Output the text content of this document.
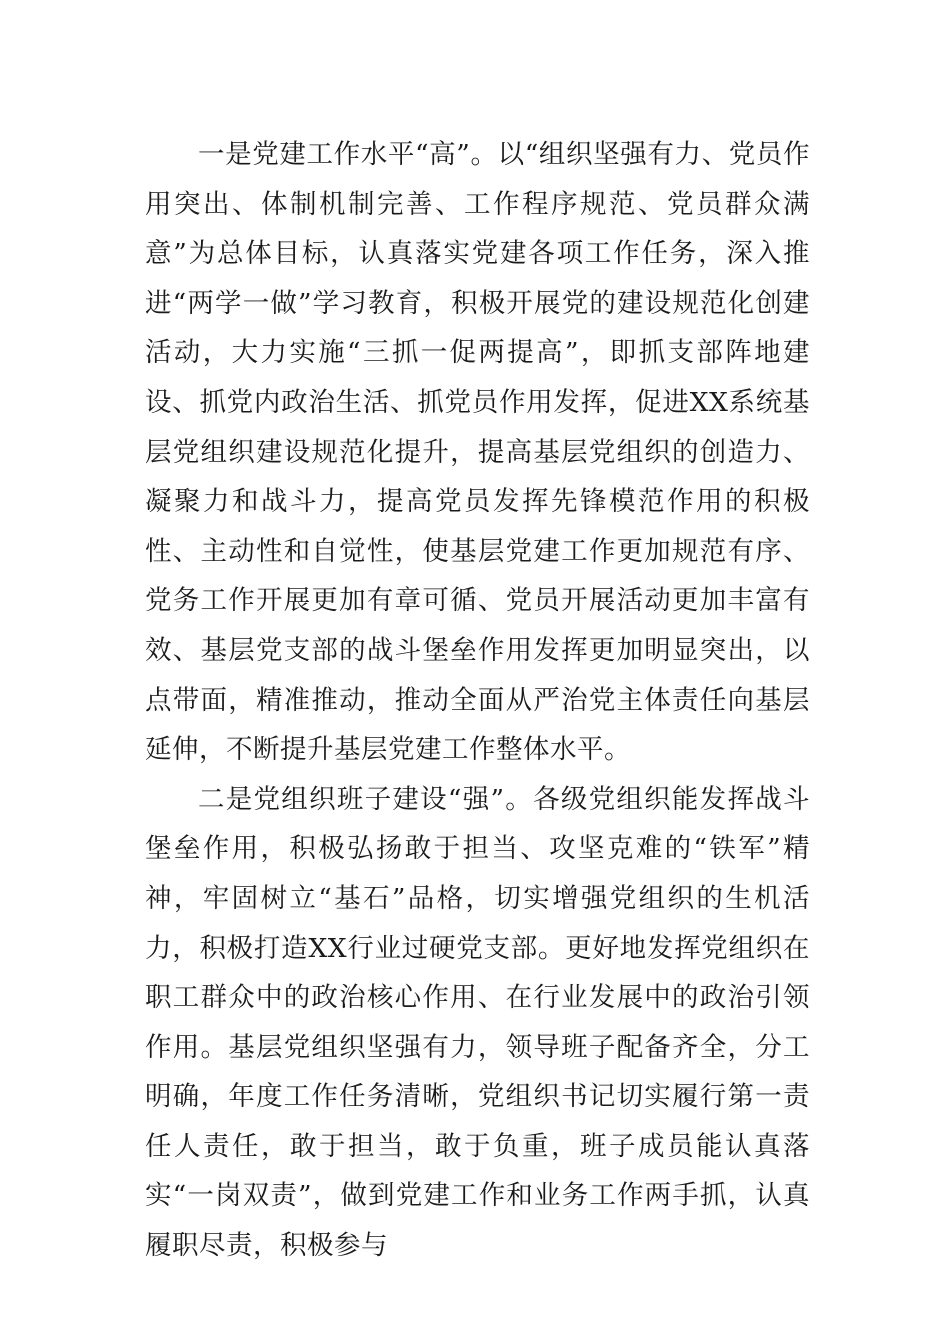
一是党建工作水平“高”。以“组织坚强有力、党员作用突出、体制机制完善、工作程序规范、党员群众满意”为总体目标，认真落实党建各项工作任务，深入推进“两学一做”学习教育，积极开展党的建设规范化创建活动，大力实施“三抓一促两提高”，即抓支部阵地建设、抓党内政治生活、抓党员作用发挥，促进XX系统基层党组织建设规范化提升，提高基层党组织的创造力、凝聚力和战斗力，提高党员发挥先锋模范作用的积极性、主动性和自觉性，使基层党建工作更加规范有序、党务工作开展更加有章可循、党员开展活动更加丰富有效、基层党支部的战斗堡垒作用发挥更加明显突出，以点带面，精准推动，推动全面从严治党主体责任向基层延伸，不断提升基层党建工作整体水平。

二是党组织班子建设“强”。各级党组织能发挥战斗堡垒作用，积极弘扬敢于担当、攻坚克难的“铁军”精神，牢固树立“基石”品格，切实增强党组织的生机活力，积极打造XX行业过硬党支部。更好地发挥党组织在职工群众中的政治核心作用、在行业发展中的政治引领作用。基层党组织坚强有力，领导班子配备齐全，分工明确，年度工作任务清晰，党组织书记切实履行第一责任人责任，敢于担当，敢于负重，班子成员能认真落实“一岗双责”，做到党建工作和业务工作两手抓，认真履职尽责，积极参与
